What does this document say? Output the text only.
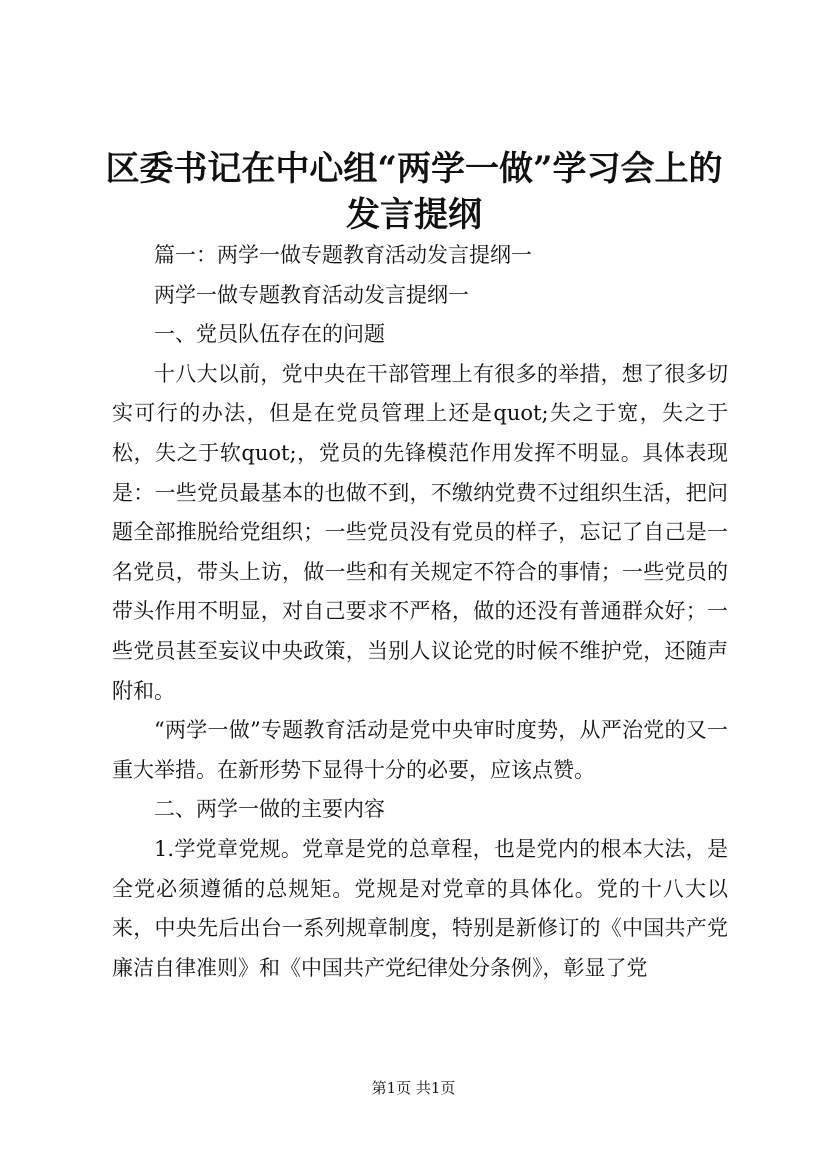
区委书记在中心组“两学一做”学习会上的发言提纲

篇一：两学一做专题教育活动发言提纲一

两学一做专题教育活动发言提纲一

一、党员队伍存在的问题

十八大以前，党中央在干部管理上有很多的举措，想了很多切实可行的办法，但是在党员管理上还是quot;失之于宽，失之于松，失之于软quot;，党员的先锋模范作用发挥不明显。具体表现是：一些党员最基本的也做不到，不缴纳党费不过组织生活，把问题全部推脱给党组织；一些党员没有党员的样子，忘记了自己是一名党员，带头上访，做一些和有关规定不符合的事情；一些党员的带头作用不明显，对自己要求不严格，做的还没有普通群众好；一些党员甚至妄议中央政策，当别人议论党的时候不维护党，还随声附和。

“两学一做”专题教育活动是党中央审时度势，从严治党的又一重大举措。在新形势下显得十分的必要，应该点赞。

二、两学一做的主要内容

1.学党章党规。党章是党的总章程，也是党内的根本大法，是全党必须遵循的总规矩。党规是对党章的具体化。党的十八大以来，中央先后出台一系列规章制度，特别是新修订的《中国共产党廉洁自律准则》和《中国共产党纪律处分条例》，彰显了党

第1页 共1页
